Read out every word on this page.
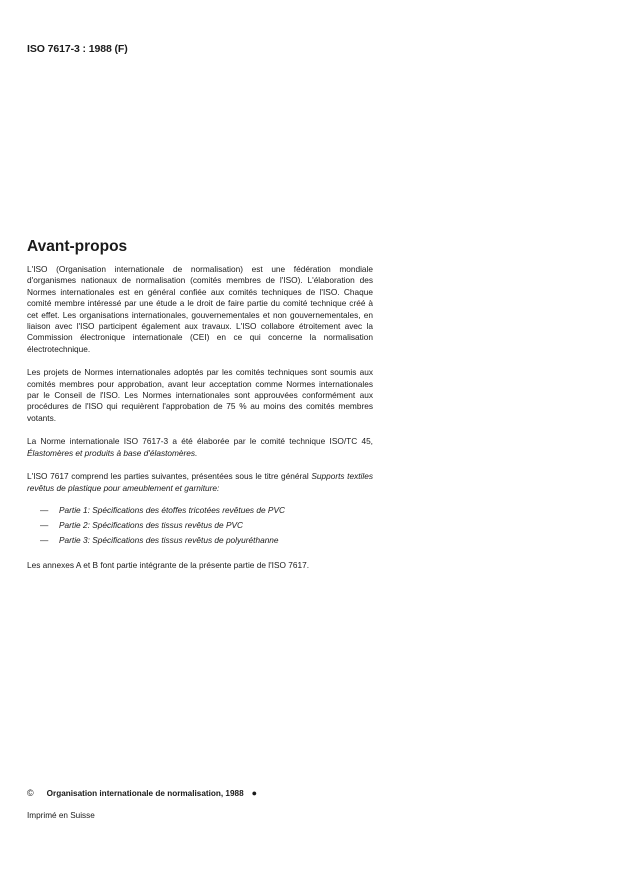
ISO 7617-3 : 1988 (F)
Avant-propos

L'ISO (Organisation internationale de normalisation) est une fédération mondiale d'organismes nationaux de normalisation (comités membres de l'ISO). L'élaboration des Normes internationales est en général confiée aux comités techniques de l'ISO. Chaque comité membre intéressé par une étude a le droit de faire partie du comité technique créé à cet effet. Les organisations internationales, gouvernementales et non gouvernementales, en liaison avec l'ISO participent également aux travaux. L'ISO collabore étroitement avec la Commission électronique internationale (CEI) en ce qui concerne la normalisation électrotechnique.

Les projets de Normes internationales adoptés par les comités techniques sont soumis aux comités membres pour approbation, avant leur acceptation comme Normes internationales par le Conseil de l'ISO. Les Normes internationales sont approuvées conformément aux procédures de l'ISO qui requièrent l'approbation de 75 % au moins des comités membres votants.

La Norme internationale ISO 7617-3 a été élaborée par le comité technique ISO/TC 45, Élastomères et produits à base d'élastomères.

L'ISO 7617 comprend les parties suivantes, présentées sous le titre général Supports textiles revêtus de plastique pour ameublement et garniture:

— Partie 1: Spécifications des étoffes tricotées revêtues de PVC
— Partie 2: Spécifications des tissus revêtus de PVC
— Partie 3: Spécifications des tissus revêtus de polyuréthanne

Les annexes A et B font partie intégrante de la présente partie de l'ISO 7617.

© Organisation internationale de normalisation, 1988 ●
Imprimé en Suisse
